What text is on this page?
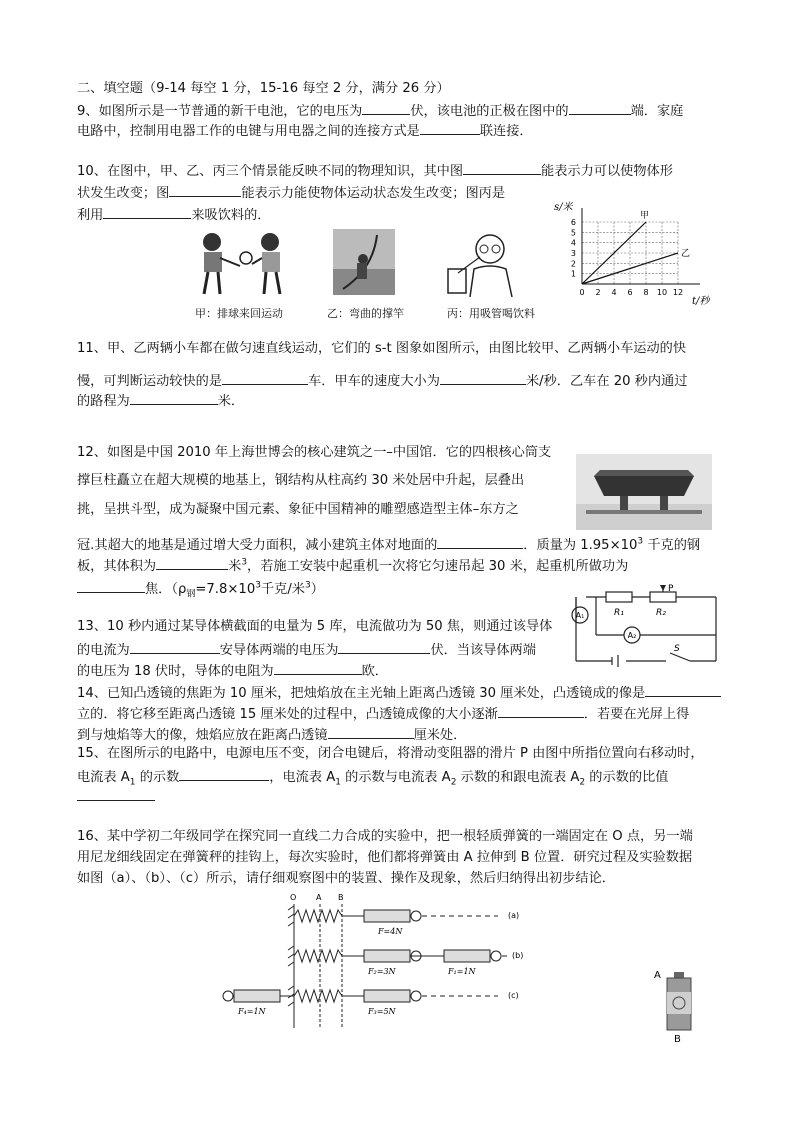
二、填空题（9-14 每空 1 分，15-16 每空 2 分，满分 26 分）
9、如图所示是一节普通的新干电池，它的电压为	伏，该电池的正极在图中的	端．家庭
电路中，控制用电器工作的电键与用电器之间的连接方式是	联连接．
10、在图中，甲、乙、丙三个情景能反映不同的物理知识，其中图	能表示力可以使物体形
状发生改变；图	能表示力能使物体运动状态发生改变；图丙是
利用	来吸饮料的．
甲：排球来回运动	乙：弯曲的撑竿	丙：用吸管喝饮料
s/米
t/秒
0 2 4 6 8 10 12
1
2
3
4
5
6
甲
乙
11、甲、乙两辆小车都在做匀速直线运动，它们的 s-t 图象如图所示，由图比较甲、乙两辆小车运动的快
慢，可判断运动较快的是	车．甲车的速度大小为	米/秒．乙车在 20 秒内通过
的路程为	米．
12、如图是中国 2010 年上海世博会的核心建筑之一–中国馆．它的四根核心筒支
撑巨柱矗立在超大规模的地基上，钢结构从柱高约 30 米处居中升起，层叠出
挑，呈拱斗型，成为凝聚中国元素、象征中国精神的雕塑感造型主体–东方之
冠.其超大的地基是通过增大受力面积，减小建筑主体对地面的	．质量为 $1.95\times 10^3$ 千克的钢
板，其体积为	米$^3$，若施工安装中起重机一次将它匀速吊起 30 米，起重机所做功为
焦．（$\rho_钢=7.8\times 10^3$千克/米$^3$）
A₁
A₂
R₁	R₂
P
S
13、10 秒内通过某导体横截面的电量为 5 库，电流做功为 50 焦，则通过该导体
的电流为	安导体两端的电压为	伏．当该导体两端
的电压为 18 伏时，导体的电阻为	欧．
14、已知凸透镜的焦距为 10 厘米，把烛焰放在主光轴上距离凸透镜 30 厘米处，凸透镜成的像是
立的．将它移至距离凸透镜 15 厘米处的过程中，凸透镜成像的大小逐渐	．若要在光屏上得
到与烛焰等大的像，烛焰应放在距离凸透镜	厘米处．
15、在图所示的电路中，电源电压不变，闭合电键后，将滑动变阻器的滑片 P 由图中所指位置向右移动时，
电流表 $A_1$ 的示数	，电流表 $A_1$ 的示数与电流表 $A_2$ 示数的和跟电流表 $A_2$ 的示数的比值
16、某中学初二年级同学在探究同一直线二力合成的实验中，把一根轻质弹簧的一端固定在 O 点，另一端
用尼龙细线固定在弹簧秤的挂钩上，每次实验时，他们都将弹簧由 A 拉伸到 B 位置．研究过程及实验数据
如图（a）、（b）、（c）所示，请仔细观察图中的装置、操作及现象，然后归纳得出初步结论．
O A B
F=4N
F₂=3N	F₁=1N
F₃=5N
F₄=1N
(a)
(b)
(c)
A
B
